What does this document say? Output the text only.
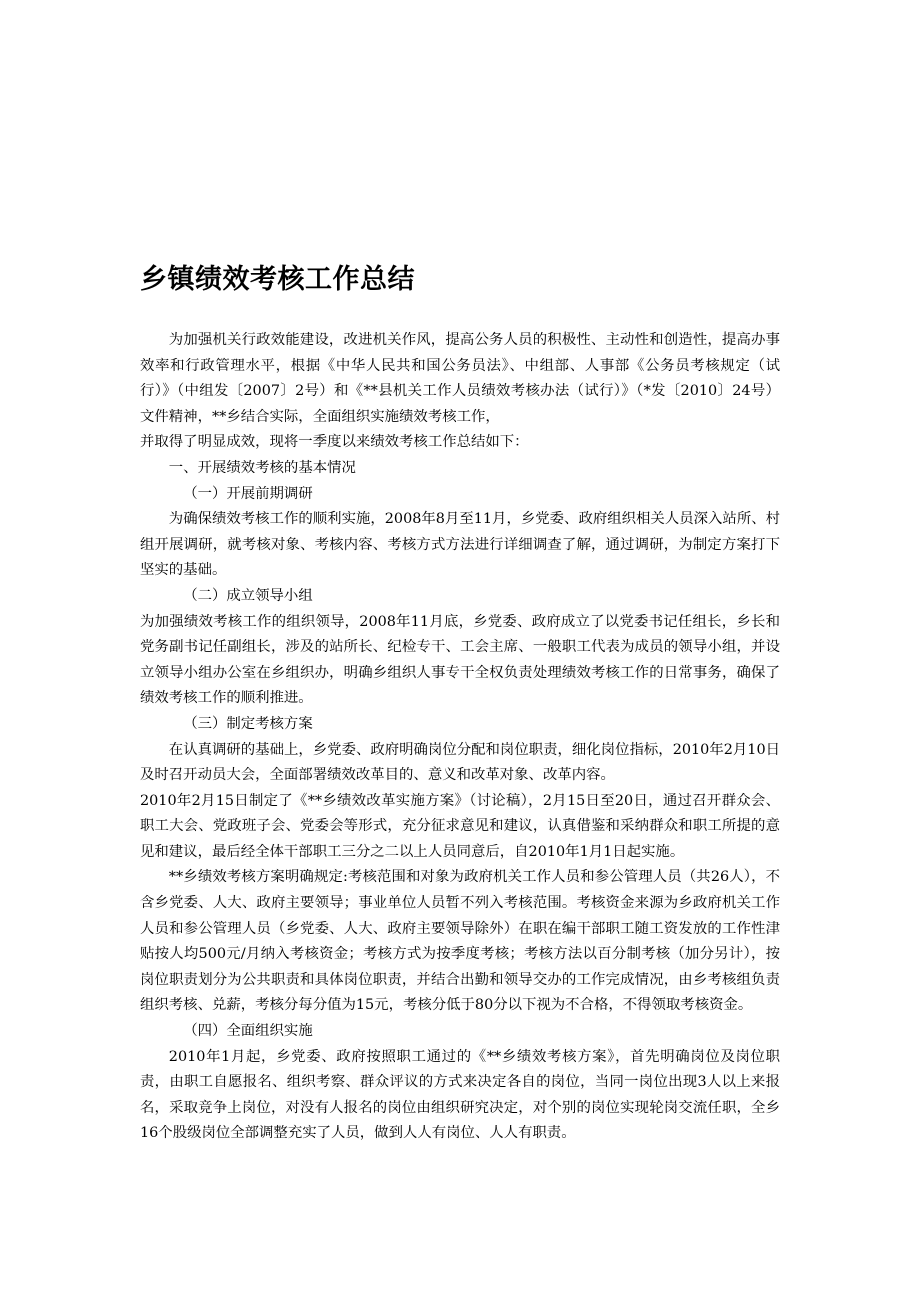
乡镇绩效考核工作总结

为加强机关行政效能建设，改进机关作风，提高公务人员的积极性、主动性和创造性，提高办事效率和行政管理水平，根据《中华人民共和国公务员法》、中组部、人事部《公务员考核规定（试行）》（中组发〔2007〕2号）和《**县机关工作人员绩效考核办法（试行）》（*发〔2010〕24号）文件精神，**乡结合实际，全面组织实施绩效考核工作，

并取得了明显成效，现将一季度以来绩效考核工作总结如下：

一、开展绩效考核的基本情况

（一）开展前期调研

为确保绩效考核工作的顺利实施，2008年8月至11月，乡党委、政府组织相关人员深入站所、村组开展调研，就考核对象、考核内容、考核方式方法进行详细调查了解，通过调研，为制定方案打下坚实的基础。

（二）成立领导小组

为加强绩效考核工作的组织领导，2008年11月底，乡党委、政府成立了以党委书记任组长，乡长和党务副书记任副组长，涉及的站所长、纪检专干、工会主席、一般职工代表为成员的领导小组，并设立领导小组办公室在乡组织办，明确乡组织人事专干全权负责处理绩效考核工作的日常事务，确保了绩效考核工作的顺利推进。

（三）制定考核方案

在认真调研的基础上，乡党委、政府明确岗位分配和岗位职责，细化岗位指标，2010年2月10日及时召开动员大会，全面部署绩效改革目的、意义和改革对象、改革内容。

2010年2月15日制定了《**乡绩效改革实施方案》（讨论稿），2月15日至20日，通过召开群众会、职工大会、党政班子会、党委会等形式，充分征求意见和建议，认真借鉴和采纳群众和职工所提的意见和建议，最后经全体干部职工三分之二以上人员同意后，自2010年1月1日起实施。

**乡绩效考核方案明确规定:考核范围和对象为政府机关工作人员和参公管理人员（共26人），不含乡党委、人大、政府主要领导；事业单位人员暂不列入考核范围。考核资金来源为乡政府机关工作人员和参公管理人员（乡党委、人大、政府主要领导除外）在职在编干部职工随工资发放的工作性津贴按人均500元/月纳入考核资金；考核方式为按季度考核；考核方法以百分制考核（加分另计），按岗位职责划分为公共职责和具体岗位职责，并结合出勤和领导交办的工作完成情况，由乡考核组负责组织考核、兑薪，考核分每分值为15元，考核分低于80分以下视为不合格，不得领取考核资金。

（四）全面组织实施

2010年1月起，乡党委、政府按照职工通过的《**乡绩效考核方案》，首先明确岗位及岗位职责，由职工自愿报名、组织考察、群众评议的方式来决定各自的岗位，当同一岗位出现3人以上来报名，采取竞争上岗位，对没有人报名的岗位由组织研究决定，对个别的岗位实现轮岗交流任职，全乡16个股级岗位全部调整充实了人员，做到人人有岗位、人人有职责。
